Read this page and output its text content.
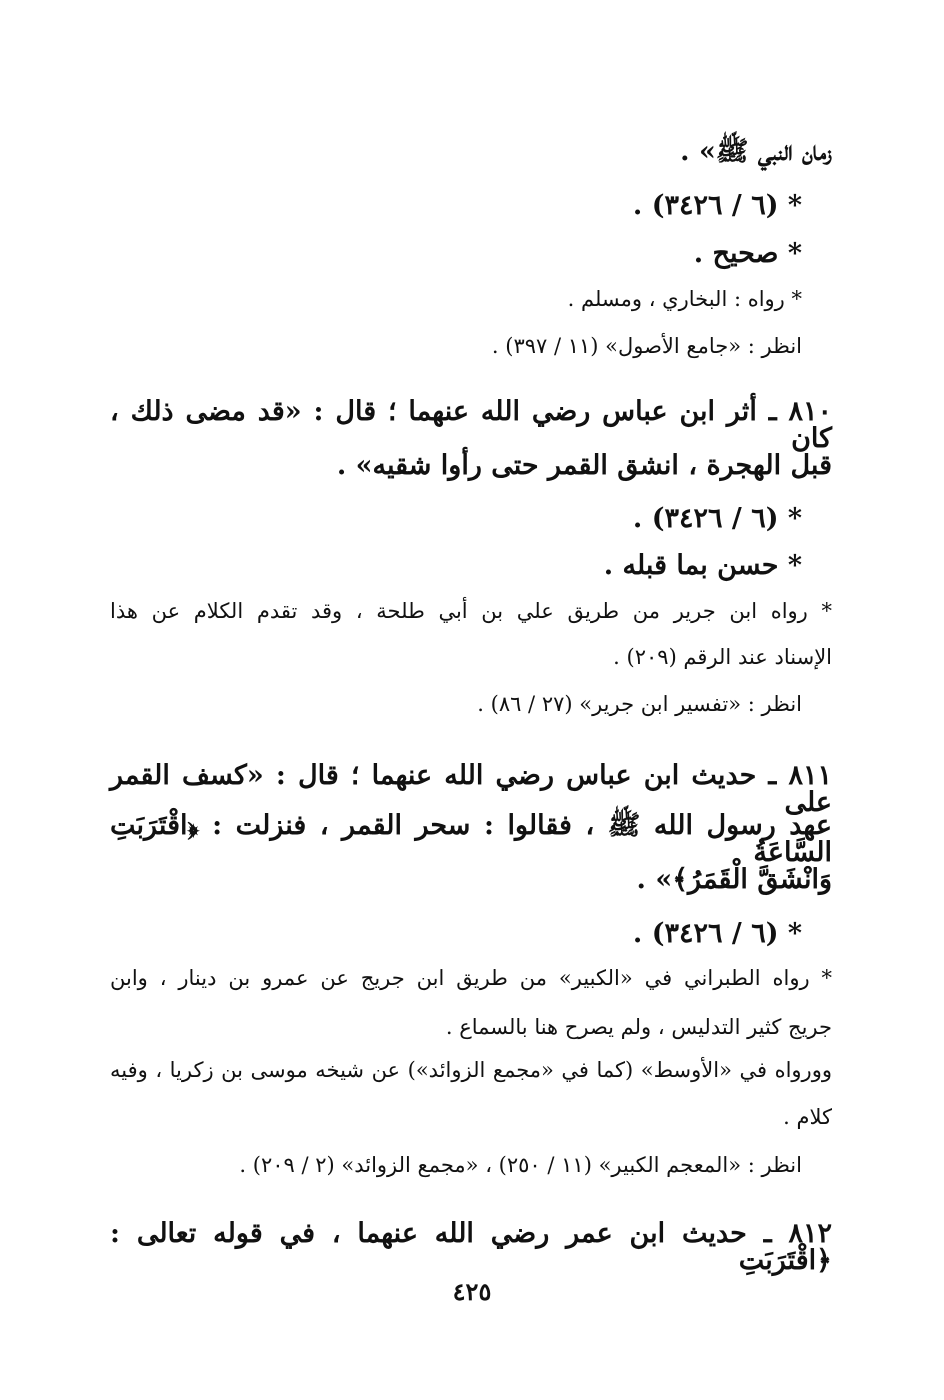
زمان النبي ﷺ» .
* (٦ / ٣٤٢٦) .
* صحيح .
* رواه : البخاري ، ومسلم .
انظر : «جامع الأصول» (١١ / ٣٩٧) .
٨١٠ ـ أثر ابن عباس رضي الله عنهما ؛ قال : «قد مضى ذلك ، كان
قبل الهجرة ، انشق القمر حتى رأوا شقيه» .
* (٦ / ٣٤٢٦) .
* حسن بما قبله .
* رواه ابن جرير من طريق علي بن أبي طلحة ، وقد تقدم الكلام عن هذا
الإسناد عند الرقم (٢٠٩) .
انظر : «تفسير ابن جرير» (٢٧ / ٨٦) .
٨١١ ـ حديث ابن عباس رضي الله عنهما ؛ قال : «كسف القمر على
عهد رسول الله ﷺ ، فقالوا : سحر القمر ، فنزلت : ﴿اقْتَرَبَتِ السَّاعَةُ
وَانْشَقَّ الْقَمَرُ﴾» .
* (٦ / ٣٤٢٦) .
* رواه الطبراني في «الكبير» من طريق ابن جريج عن عمرو بن دينار ، وابن
جريج كثير التدليس ، ولم يصرح هنا بالسماع .
وورواه في «الأوسط» (كما في «مجمع الزوائد») عن شيخه موسى بن زكريا ، وفيه
كلام .
انظر : «المعجم الكبير» (١١ / ٢٥٠) ، «مجمع الزوائد» (٢ / ٢٠٩) .
٨١٢ ـ حديث ابن عمر رضي الله عنهما ، في قوله تعالى : ﴿اقْتَرَبَتِ
٤٢٥
